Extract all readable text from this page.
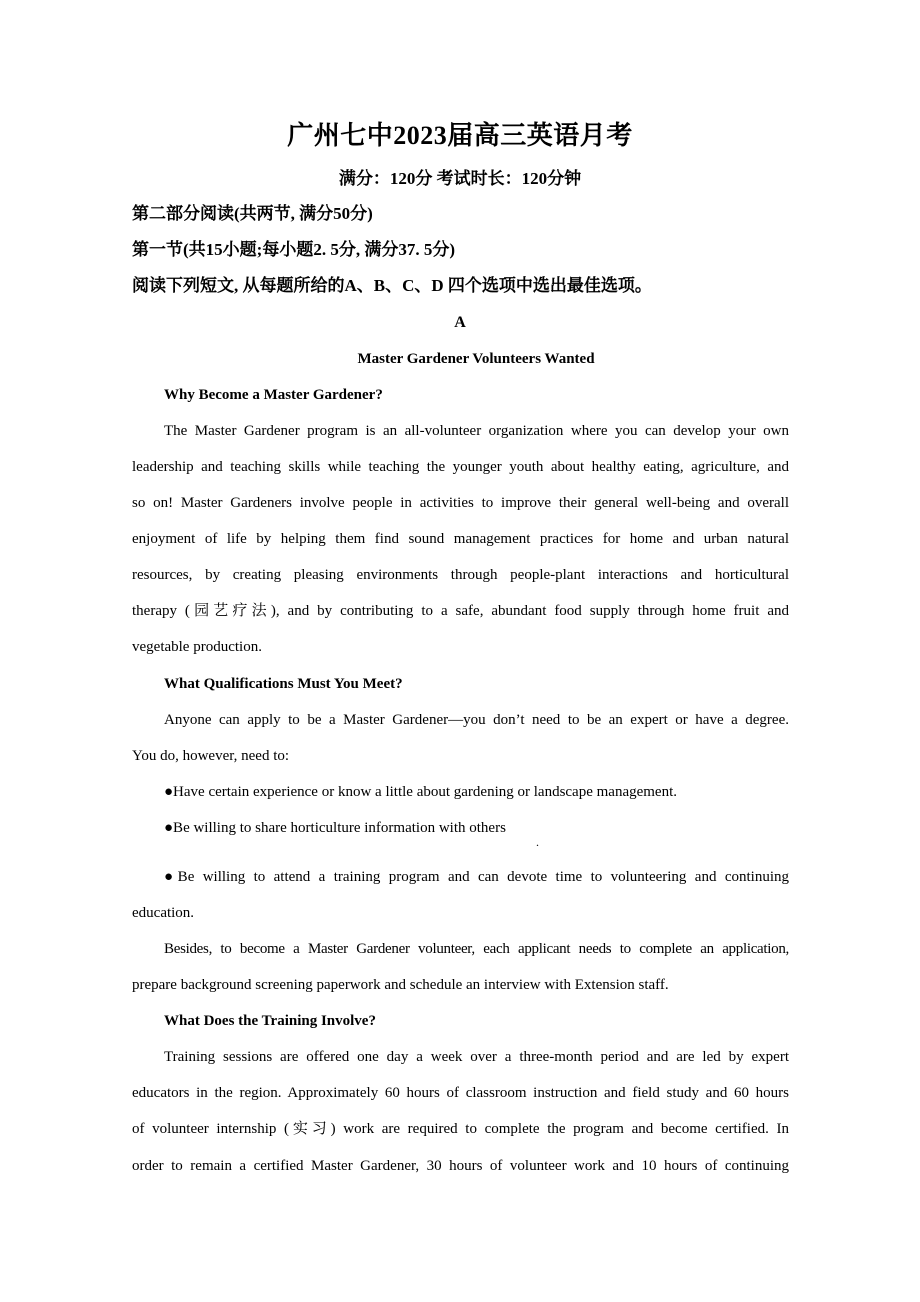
广州七中2023届高三英语月考
满分：120分 考试时长：120分钟
第二部分阅读(共两节, 满分50分)
第一节(共15小题;每小题2. 5分, 满分37. 5分)
阅读下列短文, 从每题所给的A、B、C、D 四个选项中选出最佳选项。
A
Master Gardener Volunteers Wanted
Why Become a Master Gardener?
The Master Gardener program is an all-volunteer organization where you can develop your own
leadership and teaching skills while teaching the younger youth about healthy eating, agriculture, and
so on! Master Gardeners involve people in activities to improve their general well-being and overall
enjoyment of life by helping them find sound management practices for home and urban natural
resources, by creating pleasing environments through people-plant interactions and horticultural
therapy (园艺疗法), and by contributing to a safe, abundant food supply through home fruit and
vegetable production.
What Qualifications Must You Meet?
Anyone can apply to be a Master Gardener—you don’t need to be an expert or have a degree.
You do, however, need to:
●Have certain experience or know a little about gardening or landscape management.
●Be willing to share horticulture information with others
.
●Be willing to attend a training program and can devote time to volunteering and continuing
education.
Besides, to become a Master Gardener volunteer, each applicant needs to complete an application,
prepare background screening paperwork and schedule an interview with Extension staff.
What Does the Training Involve?
Training sessions are offered one day a week over a three-month period and are led by expert
educators in the region. Approximately 60 hours of classroom instruction and field study and 60 hours
of volunteer internship (实习) work are required to complete the program and become certified. In
order to remain a certified Master Gardener, 30 hours of volunteer work and 10 hours of continuing
